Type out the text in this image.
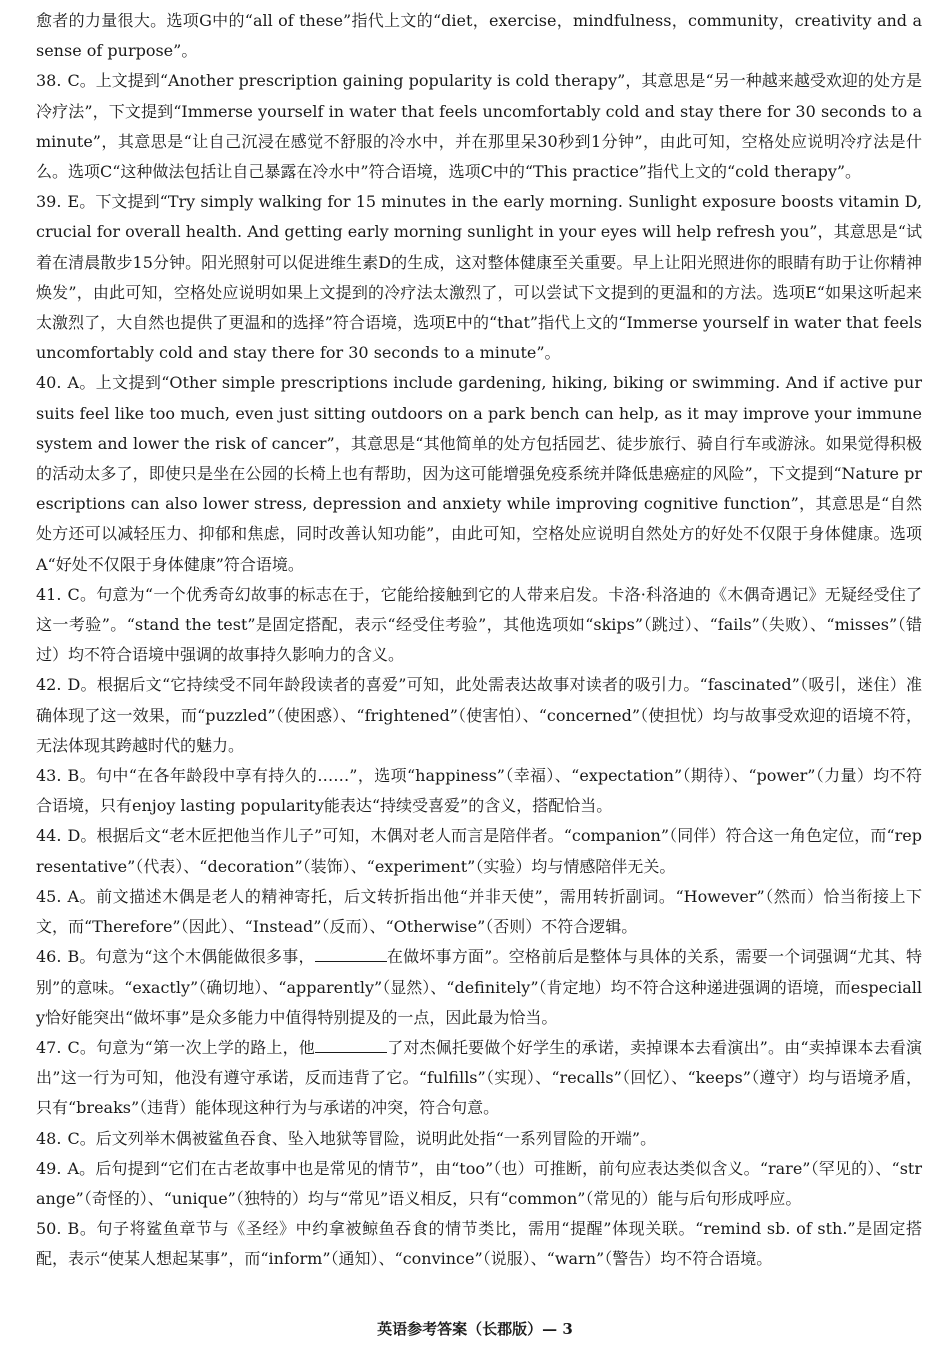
愈者的力量很大。选项G中的“all of these”指代上文的“diet，exercise，mindfulness，community，creativity and a sense of purpose”。

38. C。上文提到“Another prescription gaining popularity is cold therapy”，其意思是“另一种越来越受欢迎的处方是冷疗法”，下文提到“Immerse yourself in water that feels uncomfortably cold and stay there for 30 seconds to a minute”，其意思是“让自己沉浸在感觉不舒服的冷水中，并在那里呆30秒到1分钟”，由此可知，空格处应说明冷疗法是什么。选项C“这种做法包括让自己暴露在冷水中”符合语境，选项C中的“This practice”指代上文的“cold therapy”。

39. E。下文提到“Try simply walking for 15 minutes in the early morning. Sunlight exposure boosts vitamin D, crucial for overall health. And getting early morning sunlight in your eyes will help refresh you”，其意思是“试着在清晨散步15分钟。阳光照射可以促进维生素D的生成，这对整体健康至关重要。早上让阳光照进你的眼睛有助于让你精神焕发”，由此可知，空格处应说明如果上文提到的冷疗法太激烈了，可以尝试下文提到的更温和的方法。选项E“如果这听起来太激烈了，大自然也提供了更温和的选择”符合语境，选项E中的“that”指代上文的“Immerse yourself in water that feels uncomfortably cold and stay there for 30 seconds to a minute”。

40. A。上文提到“Other simple prescriptions include gardening, hiking, biking or swimming. And if active pursuits feel like too much, even just sitting outdoors on a park bench can help, as it may improve your immune system and lower the risk of cancer”，其意思是“其他简单的处方包括园艺、徒步旅行、骑自行车或游泳。如果觉得积极的活动太多了，即使只是坐在公园的长椅上也有帮助，因为这可能增强免疫系统并降低患癌症的风险”，下文提到“Nature prescriptions can also lower stress, depression and anxiety while improving cognitive function”，其意思是“自然处方还可以减轻压力、抑郁和焦虑，同时改善认知功能”，由此可知，空格处应说明自然处方的好处不仅限于身体健康。选项A“好处不仅限于身体健康”符合语境。

41. C。句意为“一个优秀奇幻故事的标志在于，它能给接触到它的人带来启发。卡洛·科洛迪的《木偶奇遇记》无疑经受住了这一考验”。“stand the test”是固定搭配，表示“经受住考验”，其他选项如“skips”（跳过）、“fails”（失败）、“misses”（错过）均不符合语境中强调的故事持久影响力的含义。

42. D。根据后文“它持续受不同年龄段读者的喜爱”可知，此处需表达故事对读者的吸引力。“fascinated”（吸引，迷住）准确体现了这一效果，而“puzzled”（使困惑）、“frightened”（使害怕）、“concerned”（使担忧）均与故事受欢迎的语境不符，无法体现其跨越时代的魅力。

43. B。句中“在各年龄段中享有持久的……”，选项“happiness”（幸福）、“expectation”（期待）、“power”（力量）均不符合语境，只有enjoy lasting popularity能表达“持续受喜爱”的含义，搭配恰当。

44. D。根据后文“老木匠把他当作儿子”可知，木偶对老人而言是陪伴者。“companion”（同伴）符合这一角色定位，而“representative”（代表）、“decoration”（装饰）、“experiment”（实验）均与情感陪伴无关。

45. A。前文描述木偶是老人的精神寄托，后文转折指出他“并非天使”，需用转折副词。“However”（然而）恰当衔接上下文，而“Therefore”（因此）、“Instead”（反而）、“Otherwise”（否则）不符合逻辑。

46. B。句意为“这个木偶能做很多事，	在做坏事方面”。空格前后是整体与具体的关系，需要一个词强调“尤其、特别”的意味。“exactly”（确切地）、“apparently”（显然）、“definitely”（肯定地）均不符合这种递进强调的语境，而especially恰好能突出“做坏事”是众多能力中值得特别提及的一点，因此最为恰当。

47. C。句意为“第一次上学的路上，他	了对杰佩托要做个好学生的承诺，卖掉课本去看演出”。由“卖掉课本去看演出”这一行为可知，他没有遵守承诺，反而违背了它。“fulfills”（实现）、“recalls”（回忆）、“keeps”（遵守）均与语境矛盾，只有“breaks”（违背）能体现这种行为与承诺的冲突，符合句意。

48. C。后文列举木偶被鲨鱼吞食、坠入地狱等冒险，说明此处指“一系列冒险的开端”。

49. A。后句提到“它们在古老故事中也是常见的情节”，由“too”（也）可推断，前句应表达类似含义。“rare”（罕见的）、“strange”（奇怪的）、“unique”（独特的）均与“常见”语义相反，只有“common”（常见的）能与后句形成呼应。

50. B。句子将鲨鱼章节与《圣经》中约拿被鲸鱼吞食的情节类比，需用“提醒”体现关联。“remind sb. of sth.”是固定搭配，表示“使某人想起某事”，而“inform”（通知）、“convince”（说服）、“warn”（警告）均不符合语境。

英语参考答案（长郡版）— 3
